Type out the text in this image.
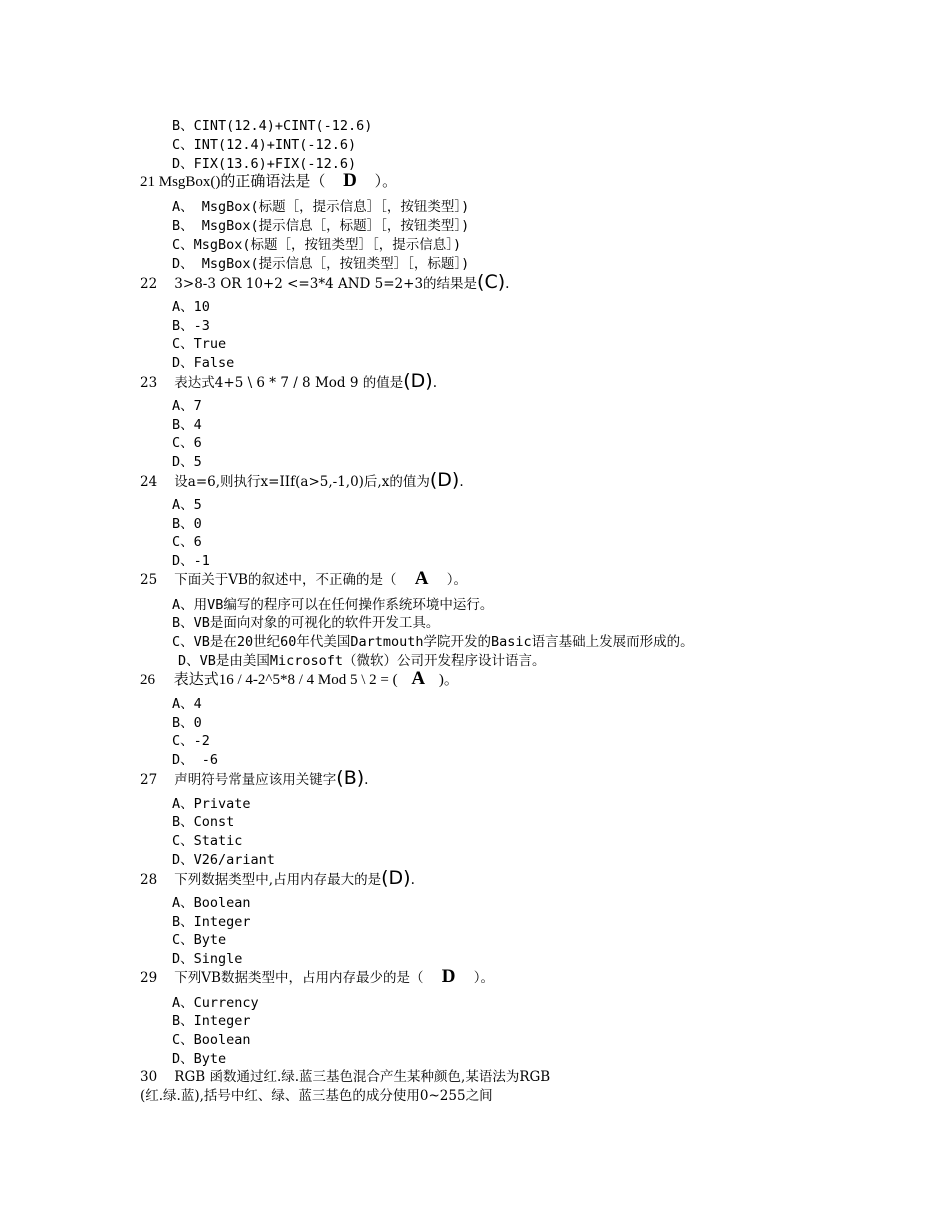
B、CINT(12.4)+CINT(-12.6)
C、INT(12.4)+INT(-12.6)
D、FIX(13.6)+FIX(-12.6)
21 MsgBox()的正确语法是（ D ）。
A、 MsgBox(标题［，提示信息］［，按钮类型］)
B、 MsgBox(提示信息［，标题］［，按钮类型］)
C、MsgBox(标题［，按钮类型］［，提示信息］)
D、 MsgBox(提示信息［，按钮类型］［，标题］)
22 3>8-3 OR 10+2 <=3*4 AND 5=2+3的结果是(C).
A、10
B、-3
C、True
D、False
23 表达式4+5 \ 6 * 7 / 8 Mod 9 的值是(D).
A、7
B、4
C、6
D、5
24 设a=6,则执行x=IIf(a>5,-1,0)后,x的值为(D).
A、5
B、0
C、6
D、-1
25 下面关于VB的叙述中，不正确的是（ A ）。
A、用VB编写的程序可以在任何操作系统环境中运行。
B、VB是面向对象的可视化的软件开发工具。
C、VB是在20世纪60年代美国Dartmouth学院开发的Basic语言基础上发展而形成的。
D、VB是由美国Microsoft（微软）公司开发程序设计语言。
26 表达式16 / 4-2^5*8 / 4 Mod 5 \ 2 = ( A )。
A、4
B、0
C、-2
D、 -6
27 声明符号常量应该用关键字(B).
A、Private
B、Const
C、Static
D、V26/ariant
28 下列数据类型中,占用内存最大的是(D).
A、Boolean
B、Integer
C、Byte
D、Single
29 下列VB数据类型中，占用内存最少的是（ D ）。
A、Currency
B、Integer
C、Boolean
D、Byte
30 RGB 函数通过红.绿.蓝三基色混合产生某种颜色,某语法为RGB
(红.绿.蓝),括号中红、绿、蓝三基色的成分使用0~255之间
